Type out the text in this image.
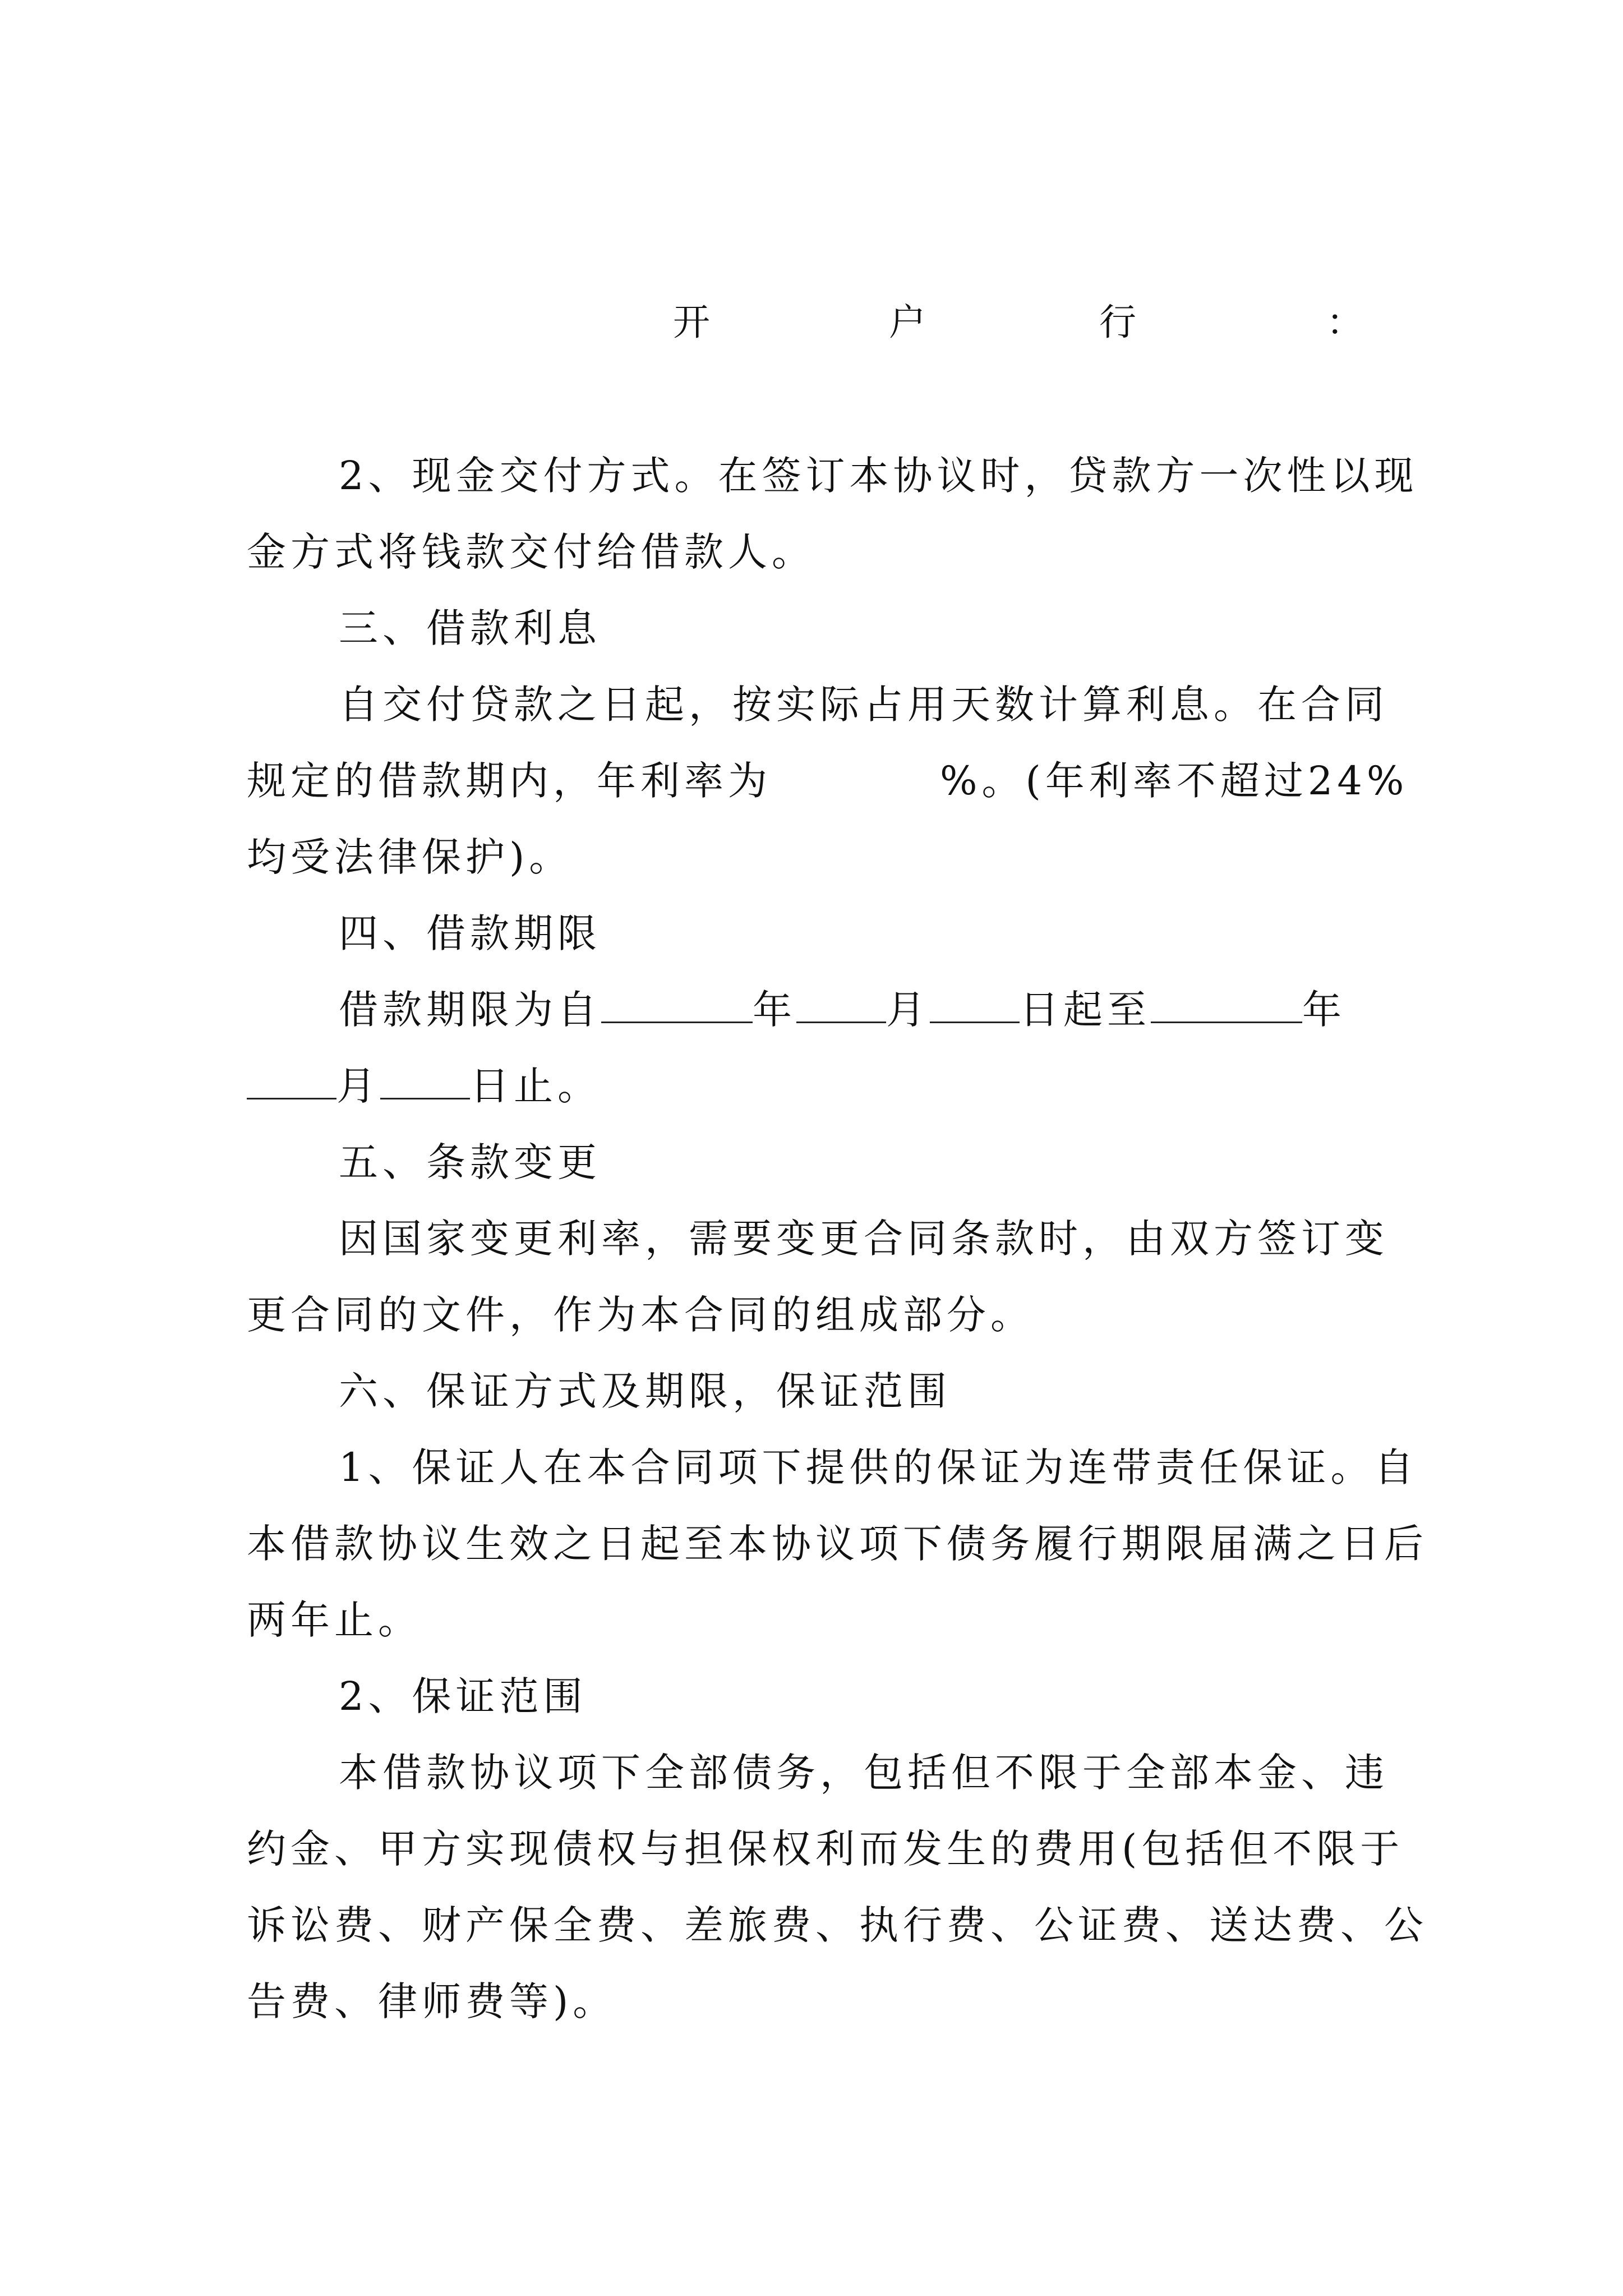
开	户	行	：

2、现金交付方式。在签订本协议时，贷款方一次性以现金方式将钱款交付给借款人。

三、借款利息

自交付贷款之日起，按实际占用天数计算利息。在合同规定的借款期内，年利率为	%。(年利率不超过24%均受法律保护)。

四、借款期限

借款期限为自	年 月 日起至	年月 日止。

五、条款变更

因国家变更利率，需要变更合同条款时，由双方签订变更合同的文件，作为本合同的组成部分。

六、保证方式及期限，保证范围

1、保证人在本合同项下提供的保证为连带责任保证。自本借款协议生效之日起至本协议项下债务履行期限届满之日后两年止。

2、保证范围

本借款协议项下全部债务，包括但不限于全部本金、违约金、甲方实现债权与担保权利而发生的费用(包括但不限于诉讼费、财产保全费、差旅费、执行费、公证费、送达费、公告费、律师费等)。
